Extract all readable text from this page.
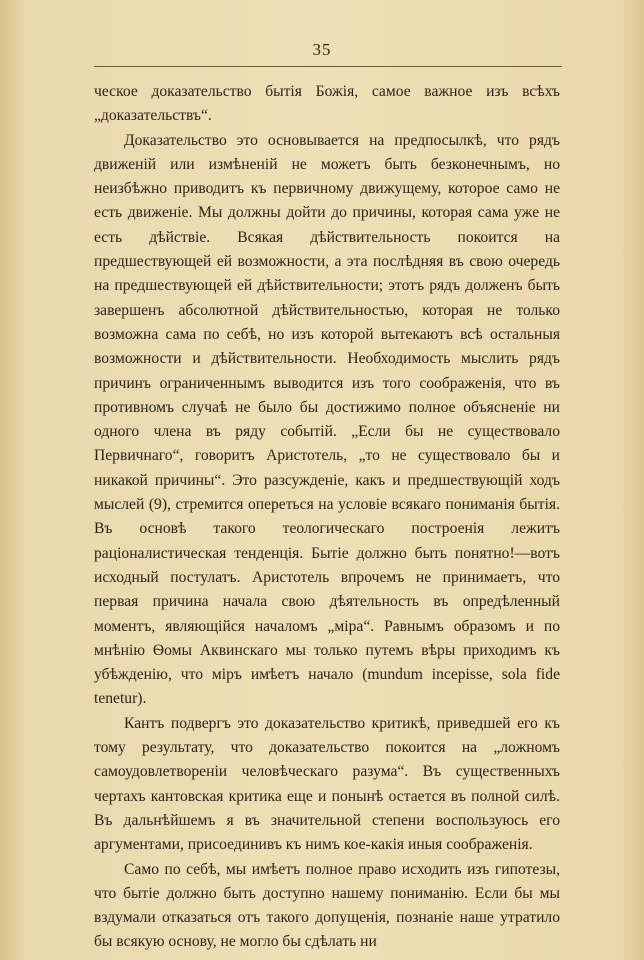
35

ческое доказательство бытія Божія, самое важное изъ всѣхъ „доказательствъ“.

Доказательство это основывается на предпосылкѣ, что рядъ движеній или измѣненій не можетъ быть безконечнымъ, но неизбѣжно приводитъ къ первичному движущему, которое само не есть движеніе. Мы должны дойти до причины, которая сама уже не есть дѣйствіе. Всякая дѣйствительность покоится на предшествующей ей возможности, а эта послѣдняя въ свою очередь на предшествующей ей дѣйствительности; этотъ рядъ долженъ быть завершенъ абсолютной дѣйствительностью, которая не только возможна сама по себѣ, но изъ которой вытекаютъ всѣ остальныя возможности и дѣйствительности. Необходимость мыслить рядъ причинъ ограниченнымъ выводится изъ того соображенія, что въ противномъ случаѣ не было бы достижимо полное объясненіе ни одного члена въ ряду событій. „Если бы не существовало Первичнаго“, говоритъ Аристотель, „то не существовало бы и никакой причины“. Это разсужденіе, какъ и предшествующій ходъ мыслей (9), стремится опереться на условіе всякаго пониманія бытія. Въ основѣ такого теологическаго построенія лежитъ раціоналистическая тенденція. Бытіе должно быть понятно!—вотъ исходный постулатъ. Аристотель впрочемъ не принимаетъ, что первая причина начала свою дѣятельность въ опредѣленный моментъ, являющійся началомъ „міра“. Равнымъ образомъ и по мнѣнію Ѳомы Аквинскаго мы только путемъ вѣры приходимъ къ убѣжденію, что міръ имѣетъ начало (mundum incepisse, sola fide tenetur).

Кантъ подвергъ это доказательство критикѣ, приведшей его къ тому результату, что доказательство покоится на „ложномъ самоудовлетвореніи человѣческаго разума“. Въ существенныхъ чертахъ кантовская критика еще и понынѣ остается въ полной силѣ. Въ дальнѣйшемъ я въ значительной степени воспользуюсь его аргументами, присоединивъ къ нимъ кое-какія иныя соображенія.

Само по себѣ, мы имѣетъ полное право исходить изъ гипотезы, что бытіе должно быть доступно нашему пониманію. Если бы мы вздумали отказаться отъ такого допущенія, познаніе наше утратило бы всякую основу, не могло бы сдѣлать ни
